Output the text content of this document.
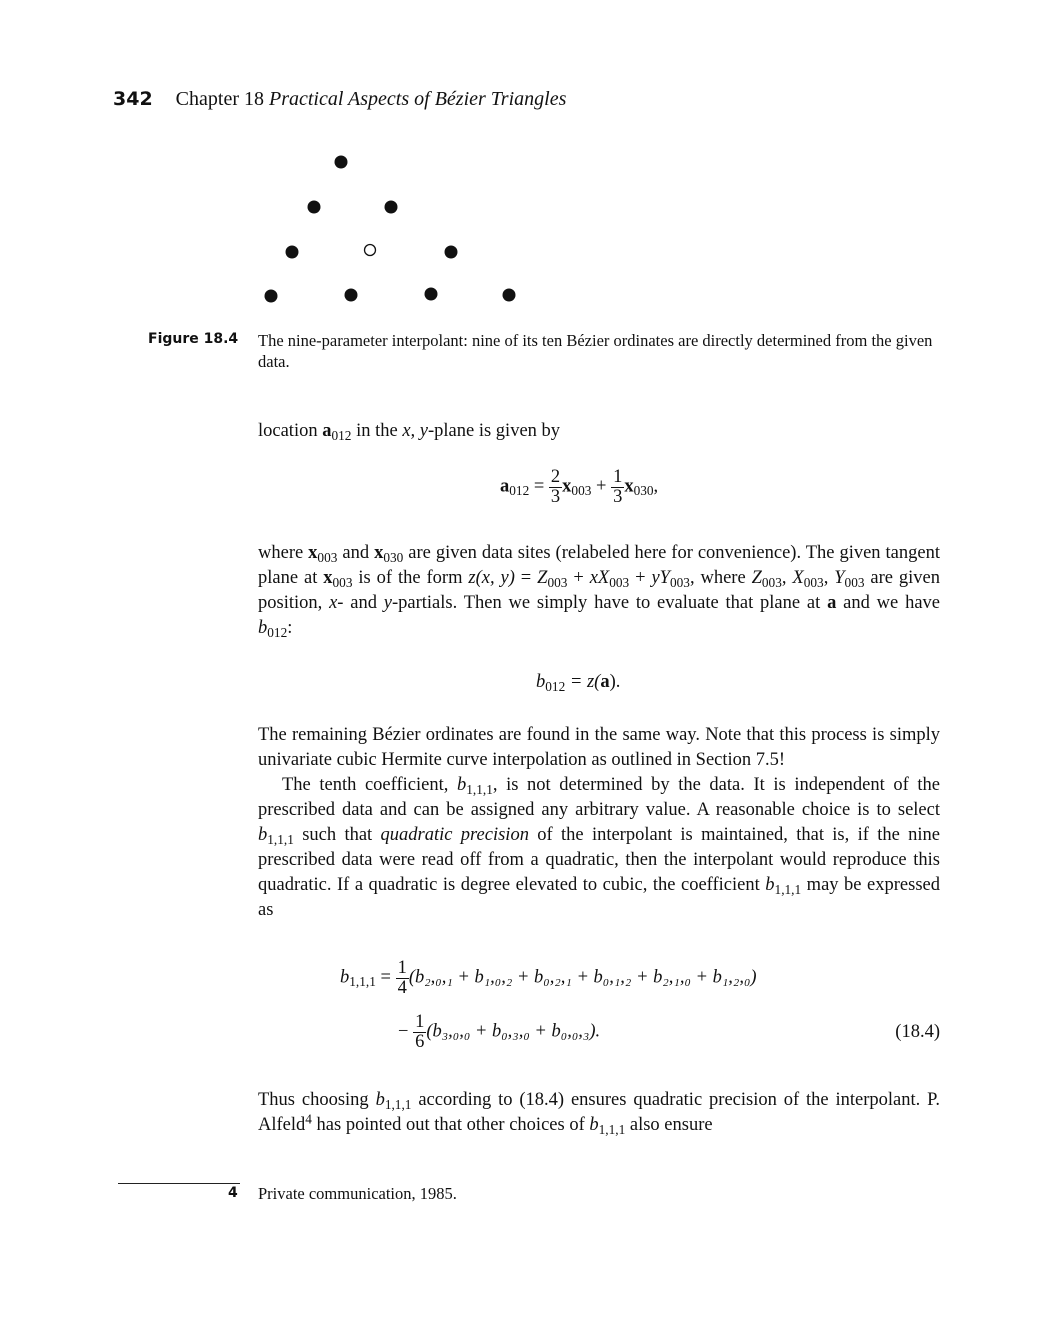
342 Chapter 18 Practical Aspects of Bézier Triangles
Figure 18.4 The nine-parameter interpolant: nine of its ten Bézier ordinates are directly determined from the given data.
location $a_{012}$ in the x, y-plane is given by
$a_{012} = \frac{2}{3} x_{003} + \frac{1}{3} x_{030}$,
where $x_{003}$ and $x_{030}$ are given data sites (relabeled here for convenience). The given tangent plane at $x_{003}$ is of the form z(x, $y) = Z_{003} + xX_{003} + yY_{003}$, where $Z_{003}$, $X_{003}$, $Y_{003}$ are given position, x- and y-partials. Then we simply have to evaluate that plane at a and we have $b_{012}$:
$b_{012} = z(a)$.
The remaining Bézier ordinates are found in the same way. Note that this process is simply univariate cubic Hermite curve interpolation as outlined in Section 7.5!
The tenth coefficient, $b_{1,1,1}$, is not determined by the data. It is independent of the prescribed data and can be assigned any arbitrary value. A reasonable choice is to select $b_{1,1,1}$ such that quadratic precision of the interpolant is maintained, that is, if the nine prescribed data were read off from a quadratic, then the interpolant would reproduce this quadratic. If a quadratic is degree elevated to cubic, the coefficient $b_{1,1,1}$ may be expressed as
$b_{1,1,1} = \frac{1}{4} (b_2,_0,_1 + b_1,_0,_2 + b_0,_2,_1 + b_0,_1,_2 + b_2,_1,_0 + b_1,_2,_0)$
− $\frac{1}{6} (b_3,_0,_0 + b_0,_3,_0 + b_0,_0,_3)$.	(18.4)
Thus choosing $b_{1,1,1}$ according to (18.4) ensures quadratic precision of the interpolant. P. Alfeld$^4$ has pointed out that other choices of $b_{1,1,1}$ also ensure
4 Private communication, 1985.
